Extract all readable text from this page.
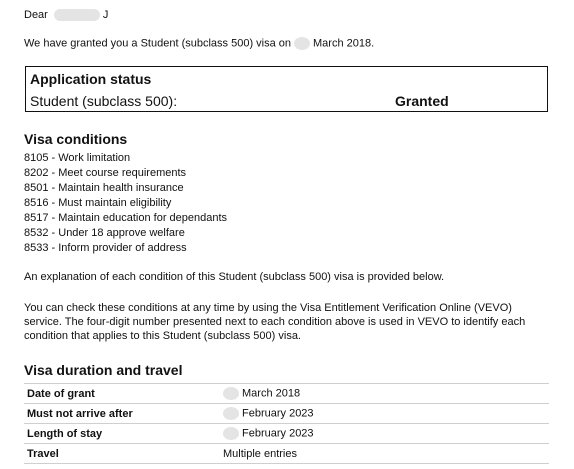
Dear	J
We have granted you a Student (subclass 500) visa on March 2018.
Application status
Student (subclass 500):	Granted
Visa conditions
8105 - Work limitation
8202 - Meet course requirements
8501 - Maintain health insurance
8516 - Must maintain eligibility
8517 - Maintain education for dependants
8532 - Under 18 approve welfare
8533 - Inform provider of address
An explanation of each condition of this Student (subclass 500) visa is provided below.

You can check these conditions at any time by using the Visa Entitlement Verification Online (VEVO) service. The four-digit number presented next to each condition above is used in VEVO to identify each condition that applies to this Student (subclass 500) visa.

Visa duration and travel
Date of grant	March 2018
Must not arrive after	February 2023
Length of stay	February 2023
Travel	Multiple entries
